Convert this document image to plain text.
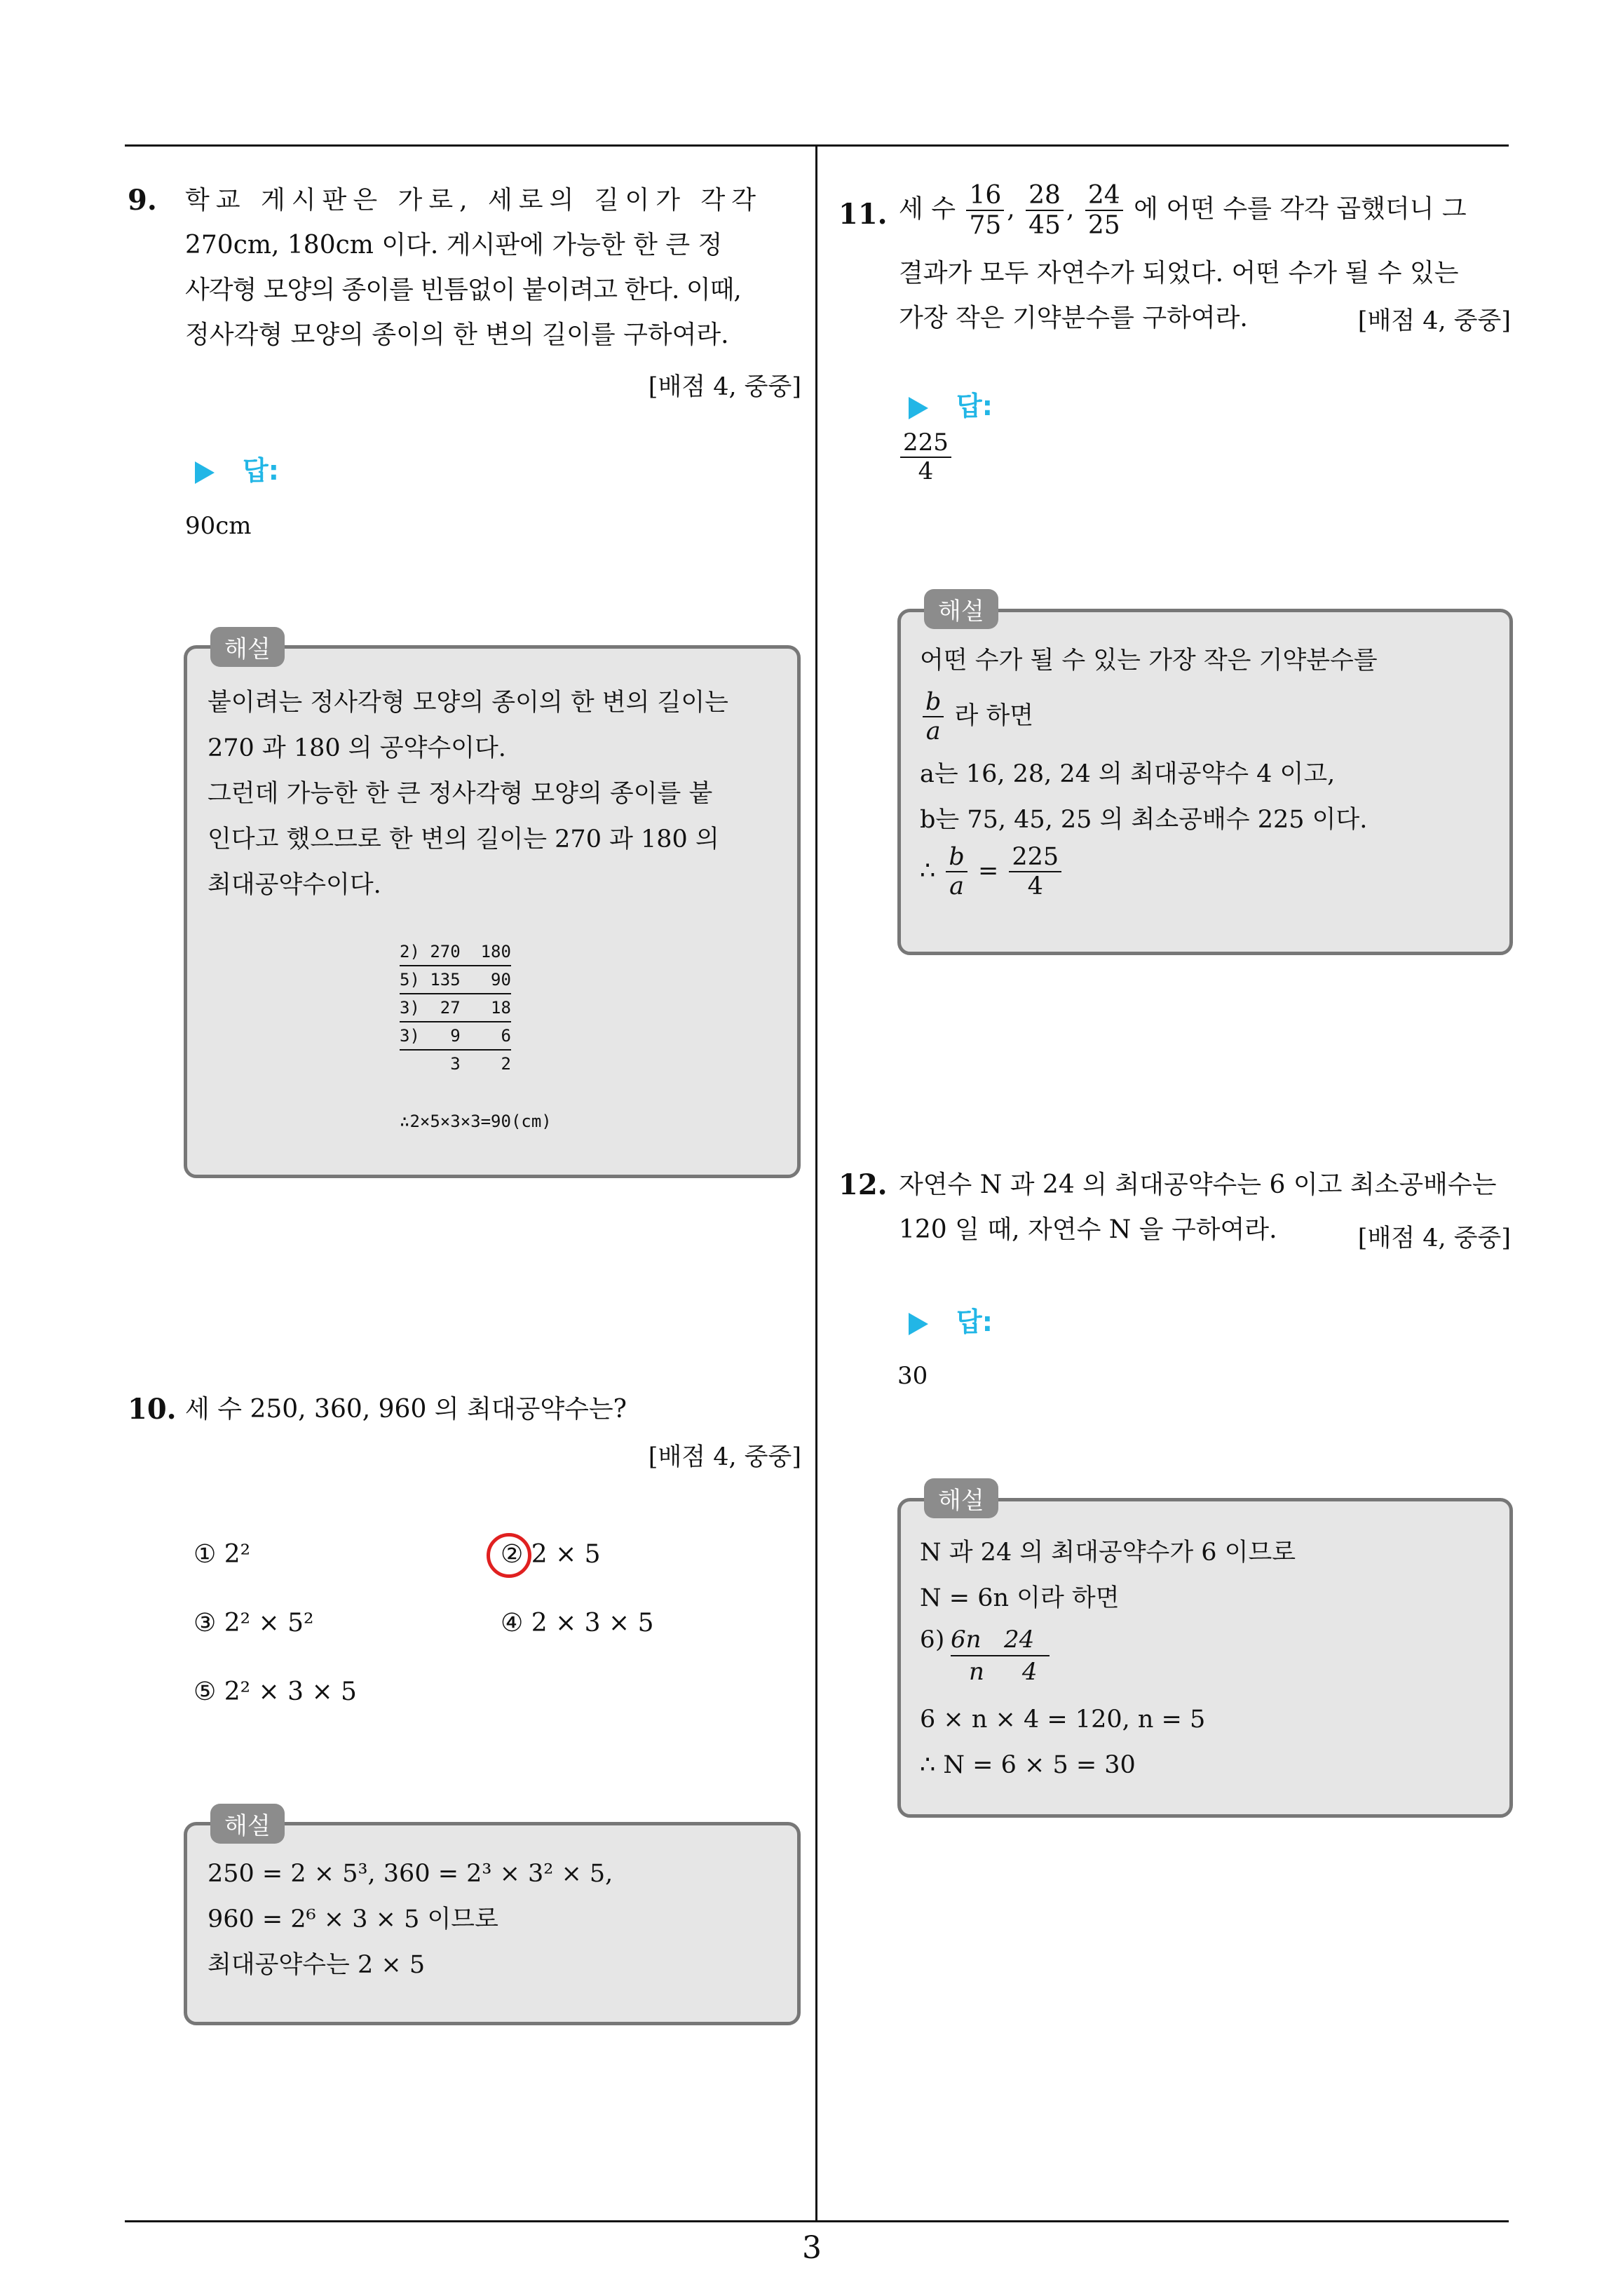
3
9. 학교 게시판은 가로, 세로의 길이가 각각
270cm, 180cm 이다. 게시판에 가능한 한 큰 정
사각형 모양의 종이를 빈틈없이 붙이려고 한다. 이때,
정사각형 모양의 종이의 한 변의 길이를 구하여라.
[배점 4, 중중]
답:
90cm
해설
붙이려는 정사각형 모양의 종이의 한 변의 길이는
270 과 180 의 공약수이다.
그런데 가능한 한 큰 정사각형 모양의 종이를 붙
인다고 했으므로 한 변의 길이는 270 과 180 의
최대공약수이다.
2) 270  180
5) 135   90
3)  27   18
3)   9    6
3    2
∴2×5×3×3=90(cm)
10. 세 수 250, 360, 960 의 최대공약수는?
[배점 4, 중중]
① 2²	② 2 × 5
③ 2² × 5²	④ 2 × 3 × 5
⑤ 2² × 3 × 5
해설
250 = 2 × 5³, 360 = 2³ × 3² × 5,
960 = 2⁶ × 3 × 5 이므로
최대공약수는 2 × 5
11. 세 수 $\frac{16}{75}$ , $\frac{28}{45}$ , $\frac{24}{25}$ 에 어떤 수를 각각 곱했더니 그
결과가 모두 자연수가 되었다. 어떤 수가 될 수 있는
가장 작은 기약분수를 구하여라.	[배점 4, 중중]
답:
$\frac{225}{4}$
해설
어떤 수가 될 수 있는 가장 작은 기약분수를
$\frac{b}{a}$ 라 하면
a는 16, 28, 24 의 최대공약수 4 이고,
b는 75, 45, 25 의 최소공배수 225 이다.
∴ $\frac{b}{a} = \frac{225}{4}$
12. 자연수 N 과 24 의 최대공약수는 6 이고 최소공배수는
120 일 때, 자연수 N 을 구하여라.	[배점 4, 중중]
답:
30
해설
N 과 24 의 최대공약수가 6 이므로
N = 6n 이라 하면
6 ) 6n   24
n     4
6 × n × 4 = 120, n = 5
∴ N = 6 × 5 = 30
